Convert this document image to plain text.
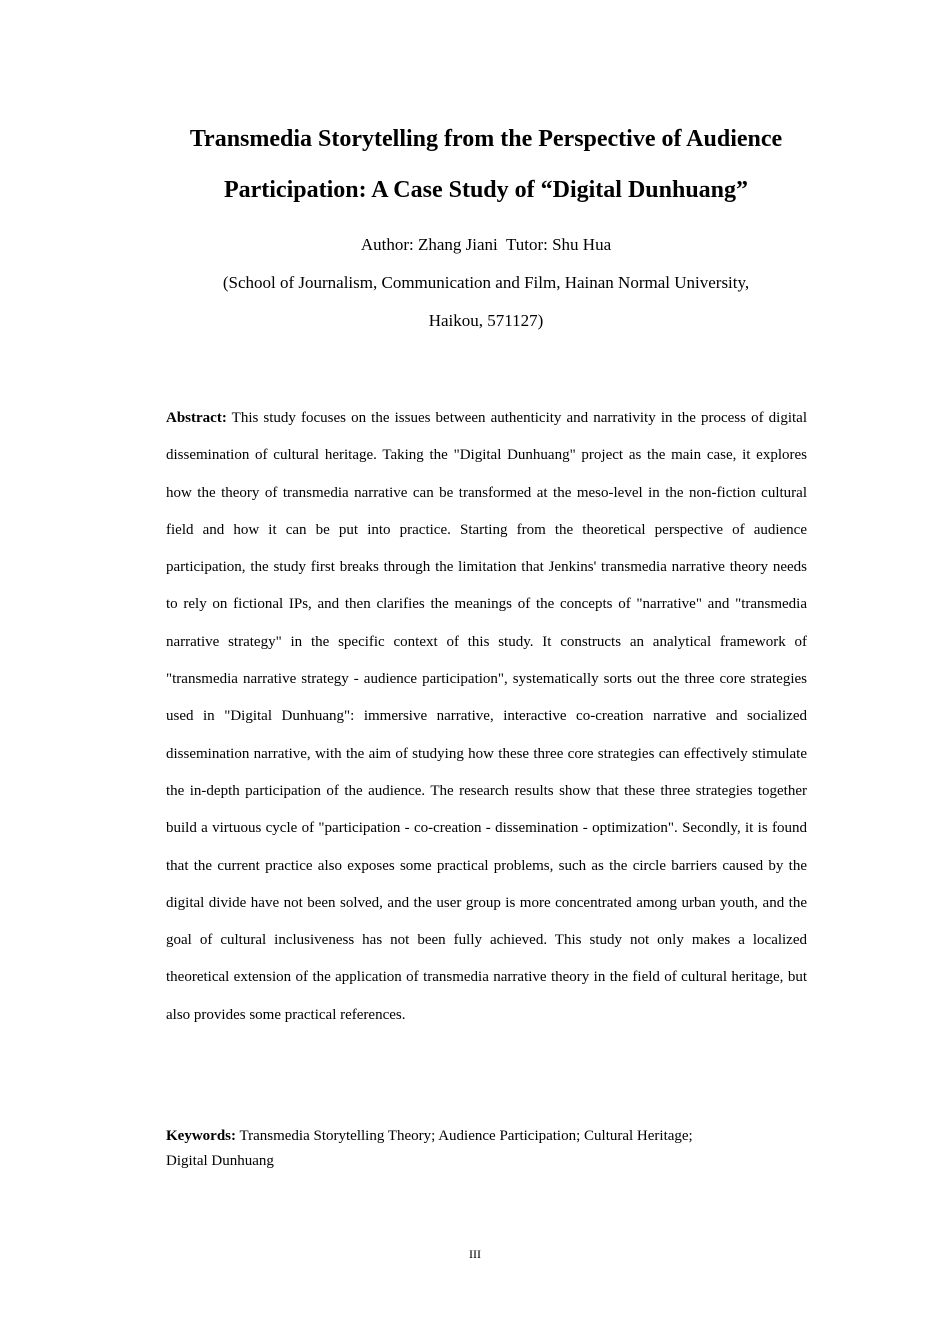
Transmedia Storytelling from the Perspective of Audience
Participation: A Case Study of “Digital Dunhuang”
Author: Zhang Jiani  Tutor: Shu Hua
(School of Journalism, Communication and Film, Hainan Normal University,
Haikou, 571127)

Abstract: This study focuses on the issues between authenticity and narrativity in the process of digital dissemination of cultural heritage. Taking the "Digital Dunhuang" project as the main case, it explores how the theory of transmedia narrative can be transformed at the meso-level in the non-fiction cultural field and how it can be put into practice. Starting from the theoretical perspective of audience participation, the study first breaks through the limitation that Jenkins' transmedia narrative theory needs to rely on fictional IPs, and then clarifies the meanings of the concepts of "narrative" and "transmedia narrative strategy" in the specific context of this study. It constructs an analytical framework of "transmedia narrative strategy - audience participation", systematically sorts out the three core strategies used in "Digital Dunhuang": immersive narrative, interactive co-creation narrative and socialized dissemination narrative, with the aim of studying how these three core strategies can effectively stimulate the in-depth participation of the audience. The research results show that these three strategies together build a virtuous cycle of "participation - co-creation - dissemination - optimization". Secondly, it is found that the current practice also exposes some practical problems, such as the circle barriers caused by the digital divide have not been solved, and the user group is more concentrated among urban youth, and the goal of cultural inclusiveness has not been fully achieved. This study not only makes a localized theoretical extension of the application of transmedia narrative theory in the field of cultural heritage, but also provides some practical references.

Keywords: Transmedia Storytelling Theory; Audience Participation; Cultural Heritage;
Digital Dunhuang

III
